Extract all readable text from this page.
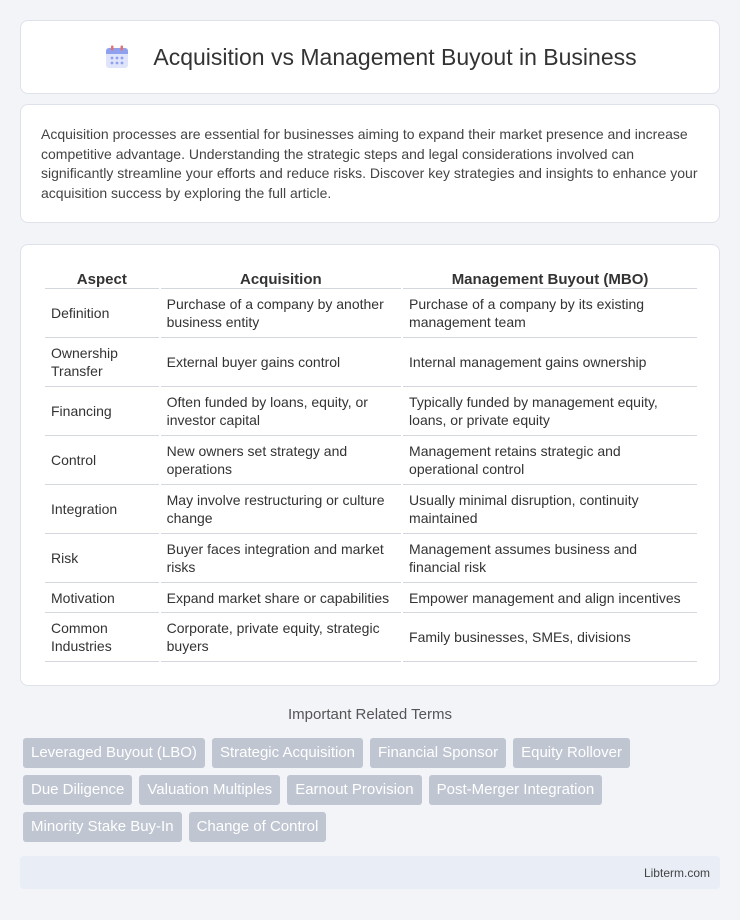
Acquisition vs Management Buyout in Business

Acquisition processes are essential for businesses aiming to expand their market presence and increase competitive advantage. Understanding the strategic steps and legal considerations involved can significantly streamline your efforts and reduce risks. Discover key strategies and insights to enhance your acquisition success by exploring the full article.

Aspect	Acquisition	Management Buyout (MBO)
Definition	Purchase of a company by another business entity	Purchase of a company by its existing management team
Ownership Transfer	External buyer gains control	Internal management gains ownership
Financing	Often funded by loans, equity, or investor capital	Typically funded by management equity, loans, or private equity
Control	New owners set strategy and operations	Management retains strategic and operational control
Integration	May involve restructuring or culture change	Usually minimal disruption, continuity maintained
Risk	Buyer faces integration and market risks	Management assumes business and financial risk
Motivation	Expand market share or capabilities	Empower management and align incentives
Common Industries	Corporate, private equity, strategic buyers	Family businesses, SMEs, divisions
Important Related Terms
Leveraged Buyout (LBO)	Strategic Acquisition	Financial Sponsor	Equity Rollover
Due Diligence	Valuation Multiples	Earnout Provision	Post-Merger Integration
Minority Stake Buy-In	Change of Control
Libterm.com
